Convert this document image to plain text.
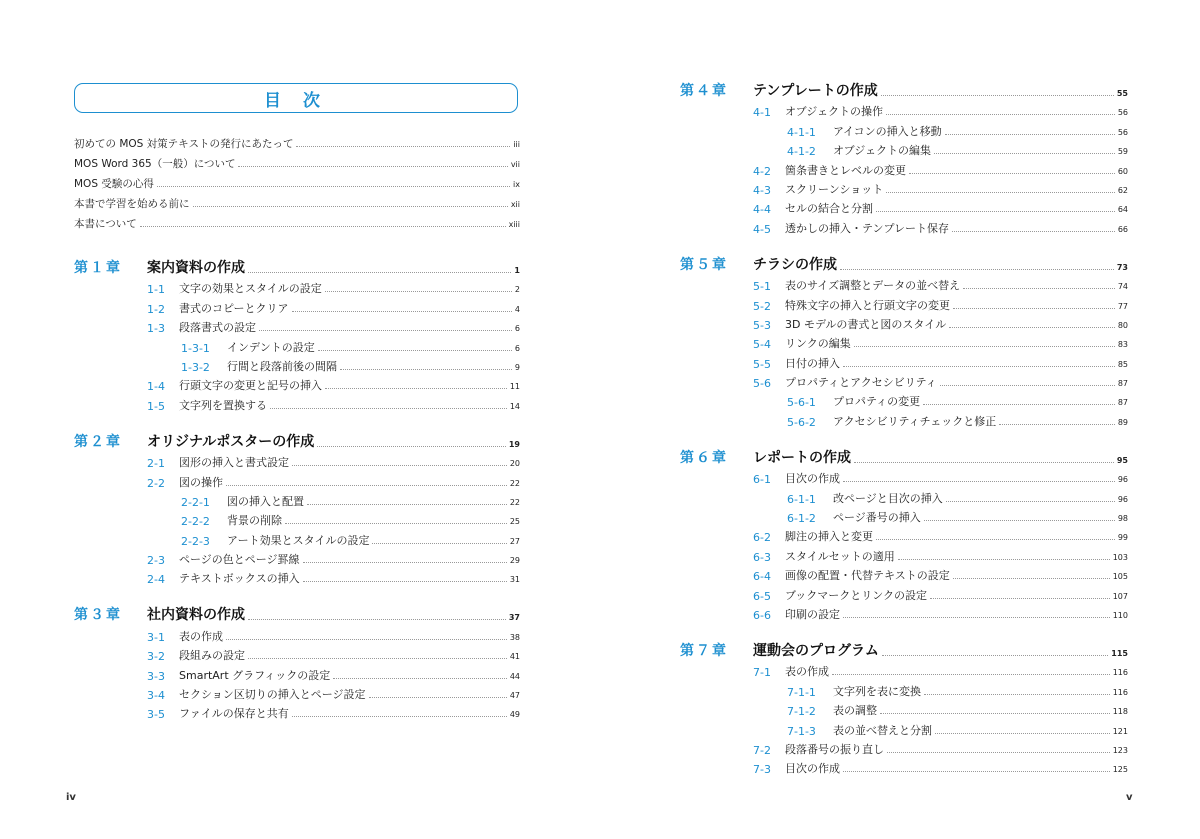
目 次
初めての MOS 対策テキストの発行にあたって	iii
MOS Word 365（一般）について	vii
MOS 受験の心得	ix
本書で学習を始める前に	xii
本書について	xiii
第１章	案内資料の作成	1
1-1	文字の効果とスタイルの設定	2
1-2	書式のコピーとクリア	4
1-3	段落書式の設定	6
1-3-1	インデントの設定	6
1-3-2	行間と段落前後の間隔	9
1-4	行頭文字の変更と記号の挿入	11
1-5	文字列を置換する	14
第２章	オリジナルポスターの作成	19
2-1	図形の挿入と書式設定	20
2-2	図の操作	22
2-2-1	図の挿入と配置	22
2-2-2	背景の削除	25
2-2-3	アート効果とスタイルの設定	27
2-3	ページの色とページ罫線	29
2-4	テキストボックスの挿入	31
第３章	社内資料の作成	37
3-1	表の作成	38
3-2	段組みの設定	41
3-3	SmartArt グラフィックの設定	44
3-4	セクション区切りの挿入とページ設定	47
3-5	ファイルの保存と共有	49
第４章	テンプレートの作成	55
4-1	オブジェクトの操作	56
4-1-1	アイコンの挿入と移動	56
4-1-2	オブジェクトの編集	59
4-2	箇条書きとレベルの変更	60
4-3	スクリーンショット	62
4-4	セルの結合と分割	64
4-5	透かしの挿入・テンプレート保存	66
第５章	チラシの作成	73
5-1	表のサイズ調整とデータの並べ替え	74
5-2	特殊文字の挿入と行頭文字の変更	77
5-3	3D モデルの書式と図のスタイル	80
5-4	リンクの編集	83
5-5	日付の挿入	85
5-6	プロパティとアクセシビリティ	87
5-6-1	プロパティの変更	87
5-6-2	アクセシビリティチェックと修正	89
第６章	レポートの作成	95
6-1	目次の作成	96
6-1-1	改ページと目次の挿入	96
6-1-2	ページ番号の挿入	98
6-2	脚注の挿入と変更	99
6-3	スタイルセットの適用	103
6-4	画像の配置・代替テキストの設定	105
6-5	ブックマークとリンクの設定	107
6-6	印刷の設定	110
第７章	運動会のプログラム	115
7-1	表の作成	116
7-1-1	文字列を表に変換	116
7-1-2	表の調整	118
7-1-3	表の並べ替えと分割	121
7-2	段落番号の振り直し	123
7-3	目次の作成	125
iv	v
